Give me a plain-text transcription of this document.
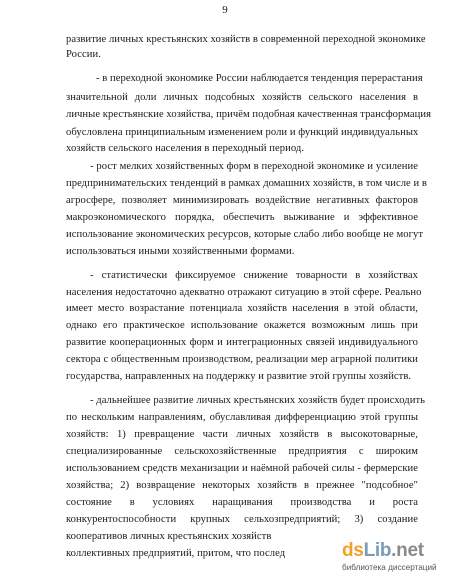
9
развитие личных крестьянских хозяйств в современной переходной экономике
России.
- в переходной экономике России наблюдается тенденция перерастания
значительной доли личных подсобных хозяйств сельского населения в
личные крестьянские хозяйства, причём подобная качественная трансформация
обусловлена принципиальным изменением роли и функций индивидуальных
хозяйств сельского населения в переходный период.
- рост мелких хозяйственных форм в переходной экономике и усиление
предпринимательских тенденций в рамках домашних хозяйств, в том числе и в
агросфере, позволяет минимизировать воздействие негативных факторов
макроэкономического порядка, обеспечить выживание и эффективное
использование экономических ресурсов, которые слабо либо вообще не могут
использоваться иными хозяйственными формами.
- статистически фиксируемое снижение товарности в хозяйствах
населения недостаточно адекватно отражают ситуацию в этой сфере. Реально
имеет место возрастание потенциала хозяйств населения в этой области,
однако его практическое использование окажется возможным лишь при
развитие кооперационных форм и интеграционных связей индивидуального
сектора с общественным производством, реализации мер аграрной политики
государства, направленных на поддержку и развитие этой группы хозяйств.
- дальнейшее развитие личных крестьянских хозяйств будет происходить
по нескольким направлениям, обуславливая дифференциацию этой группы
хозяйств: 1) превращение части личных хозяйств в высокотоварные,
специализированные сельскохозяйственные предприятия с широким
использованием средств механизации и наёмной рабочей силы - фермерские
хозяйства; 2) возвращение некоторых хозяйств в прежнее "подсобное"
состояние в условиях наращивания производства и роста
конкурентоспособности крупных сельхозпредприятий; 3) создание
кооперативов личных крестьянских хозяйств
коллективных предприятий, притом, что послед	dsLib.net
библиотека диссертаций
